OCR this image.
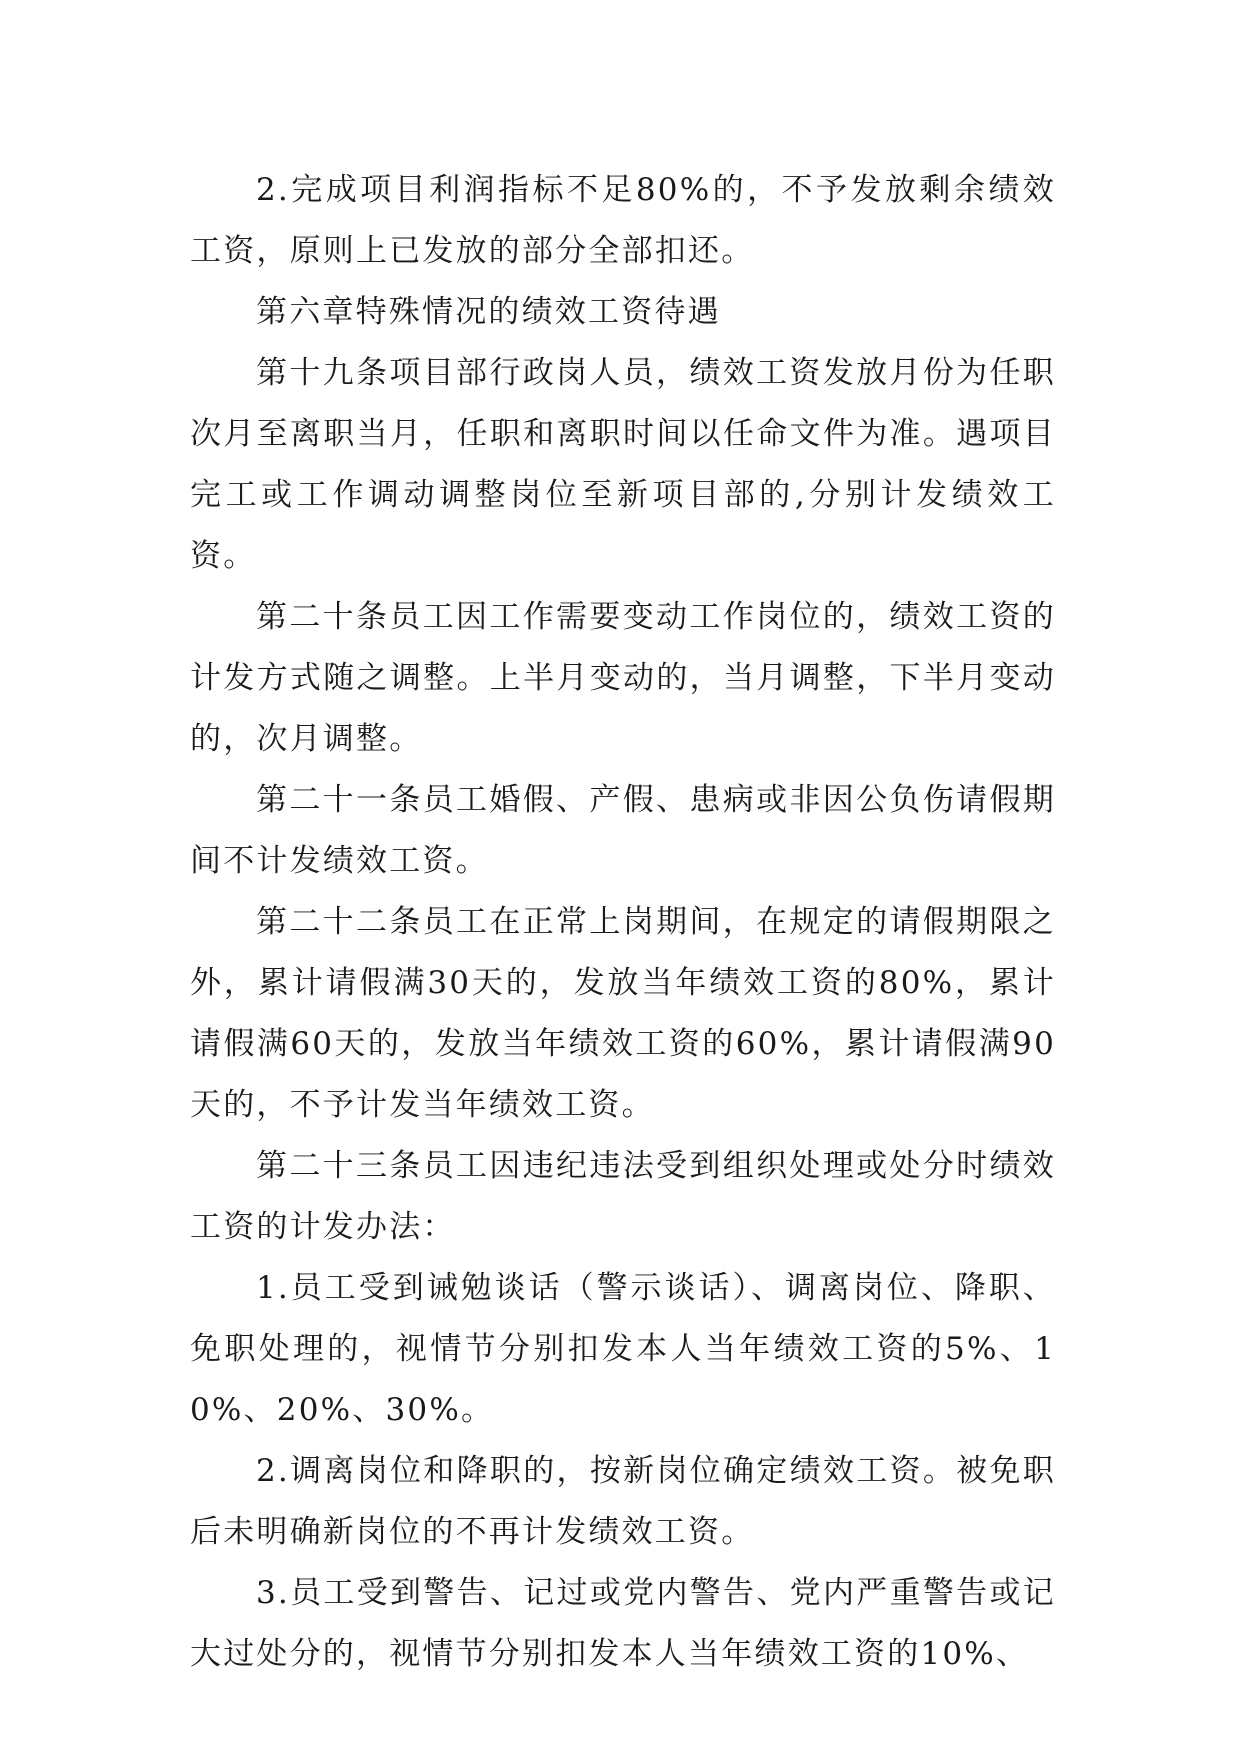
2.完成项目利润指标不足80%的，不予发放剩余绩效工资，原则上已发放的部分全部扣还。

第六章特殊情况的绩效工资待遇

第十九条项目部行政岗人员，绩效工资发放月份为任职次月至离职当月，任职和离职时间以任命文件为准。遇项目完工或工作调动调整岗位至新项目部的,分别计发绩效工资。

第二十条员工因工作需要变动工作岗位的，绩效工资的计发方式随之调整。上半月变动的，当月调整，下半月变动的，次月调整。

第二十一条员工婚假、产假、患病或非因公负伤请假期间不计发绩效工资。

第二十二条员工在正常上岗期间，在规定的请假期限之外，累计请假满30天的，发放当年绩效工资的80%，累计请假满60天的，发放当年绩效工资的60%，累计请假满90天的，不予计发当年绩效工资。

第二十三条员工因违纪违法受到组织处理或处分时绩效工资的计发办法：

1.员工受到诫勉谈话（警示谈话）、调离岗位、降职、免职处理的，视情节分别扣发本人当年绩效工资的5%、10%、20%、30%。

2.调离岗位和降职的，按新岗位确定绩效工资。被免职后未明确新岗位的不再计发绩效工资。

3.员工受到警告、记过或党内警告、党内严重警告或记大过处分的，视情节分别扣发本人当年绩效工资的10%、
